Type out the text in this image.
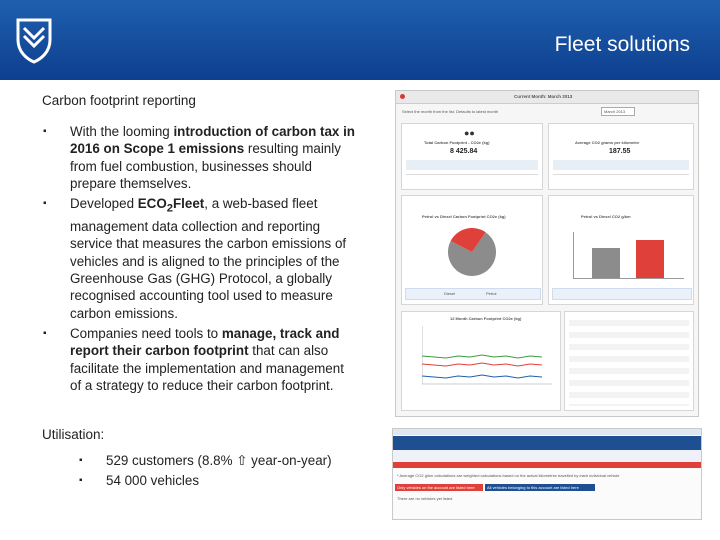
Fleet solutions
Carbon footprint reporting
▪ With the looming introduction of carbon tax in 2016 on Scope 1 emissions resulting mainly from fuel combustion, businesses should prepare themselves.
▪ Developed $ECO_2Fleet$, a web-based fleet management data collection and reporting service that measures the carbon emissions of vehicles and is aligned to the principles of the Greenhouse Gas (GHG) Protocol, a globally recognised accounting tool used to measure carbon emissions.
▪ Companies need tools to manage, track and report their carbon footprint that can also facilitate the implementation and management of a strategy to reduce their carbon footprint.
Utilisation:
▪ 529 customers (8.8% ⇧ year-on-year)
▪ 54 000 vehicles
Current Month: March 2013
Select the month from the list. Defaults to latest month	March 2013
●●
Total Carbon Footprint - CO2e (kg)
8 425.84
Average CO2 grams per kilometre
187.55
Petrol vs Diesel Carbon Footprint CO2e (kg)
Diesel	Petrol
Petrol vs Diesel CO2 g/km
12 Month Carbon Footprint CO2e (kg)
* Average CO2 g/km calculations are weighted calculations based on the actual kilometres travelled by each individual vehicle
Only vehicles on the account are listed here	All vehicles belonging to this account are listed here
There are no vehicles yet listed
